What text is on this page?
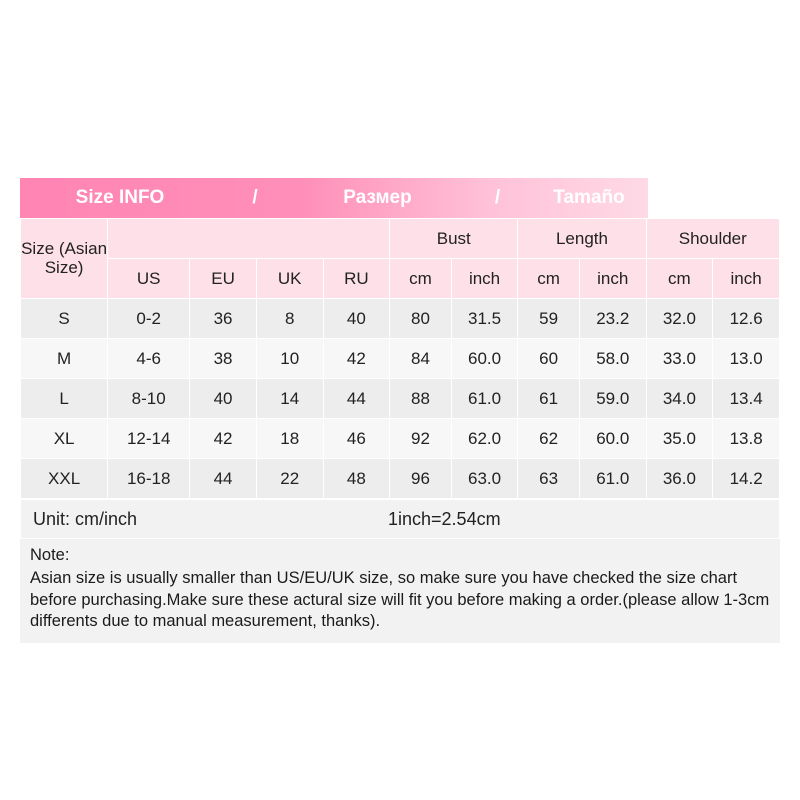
Size INFO	/	Размер	/	Tamaño
Size (Asian Size)					Bust		Length		Shoulder	
	US	EU	UK	RU	cm	inch	cm	inch	cm	inch
S	0-2	36	8	40	80	31.5	59	23.2	32.0	12.6
M	4-6	38	10	42	84	60.0	60	58.0	33.0	13.0
L	8-10	40	14	44	88	61.0	61	59.0	34.0	13.4
XL	12-14	42	18	46	92	62.0	62	60.0	35.0	13.8
XXL	16-18	44	22	48	96	63.0	63	61.0	36.0	14.2
Unit: cm/inch	1inch=2.54cm

Note:

Asian size is usually smaller than US/EU/UK size, so make sure you have checked the size chart before purchasing.Make sure these actural size will fit you before making a order.(please allow 1-3cm differents due to manual measurement, thanks).
